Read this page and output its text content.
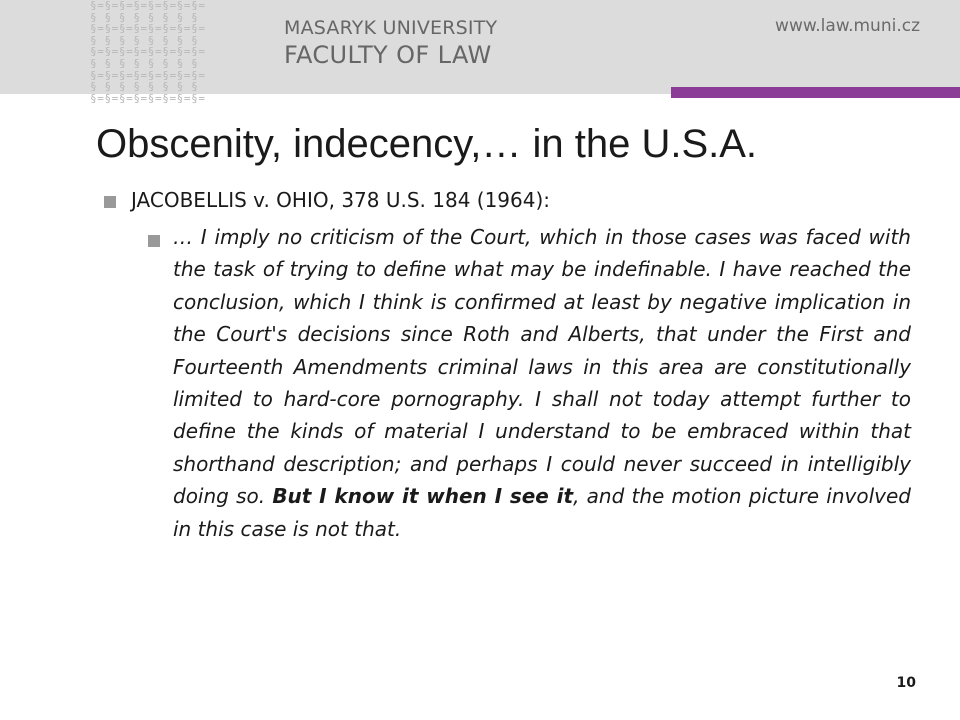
§=§=§=§=§=§=§=§=
§ § § § § § § §
§=§=§=§=§=§=§=§=
§ § § § § § § §
§=§=§=§=§=§=§=§=
§ § § § § § § §
§=§=§=§=§=§=§=§=
§ § § § § § § §
§=§=§=§=§=§=§=§=
MASARYK UNIVERSITY
FACULTY OF LAW
www.law.muni.cz
Obscenity, indecency,… in the U.S.A.
JACOBELLIS v. OHIO, 378 U.S. 184 (1964):
… I imply no criticism of the Court, which in those cases was faced with the task of trying to define what may be indefinable. I have reached the conclusion, which I think is confirmed at least by negative implication in the Court's decisions since Roth and Alberts, that under the First and Fourteenth Amendments criminal laws in this area are constitutionally limited to hard-core pornography. I shall not today attempt further to define the kinds of material I understand to be embraced within that shorthand description; and perhaps I could never succeed in intelligibly doing so. But I know it when I see it, and the motion picture involved in this case is not that.
10
